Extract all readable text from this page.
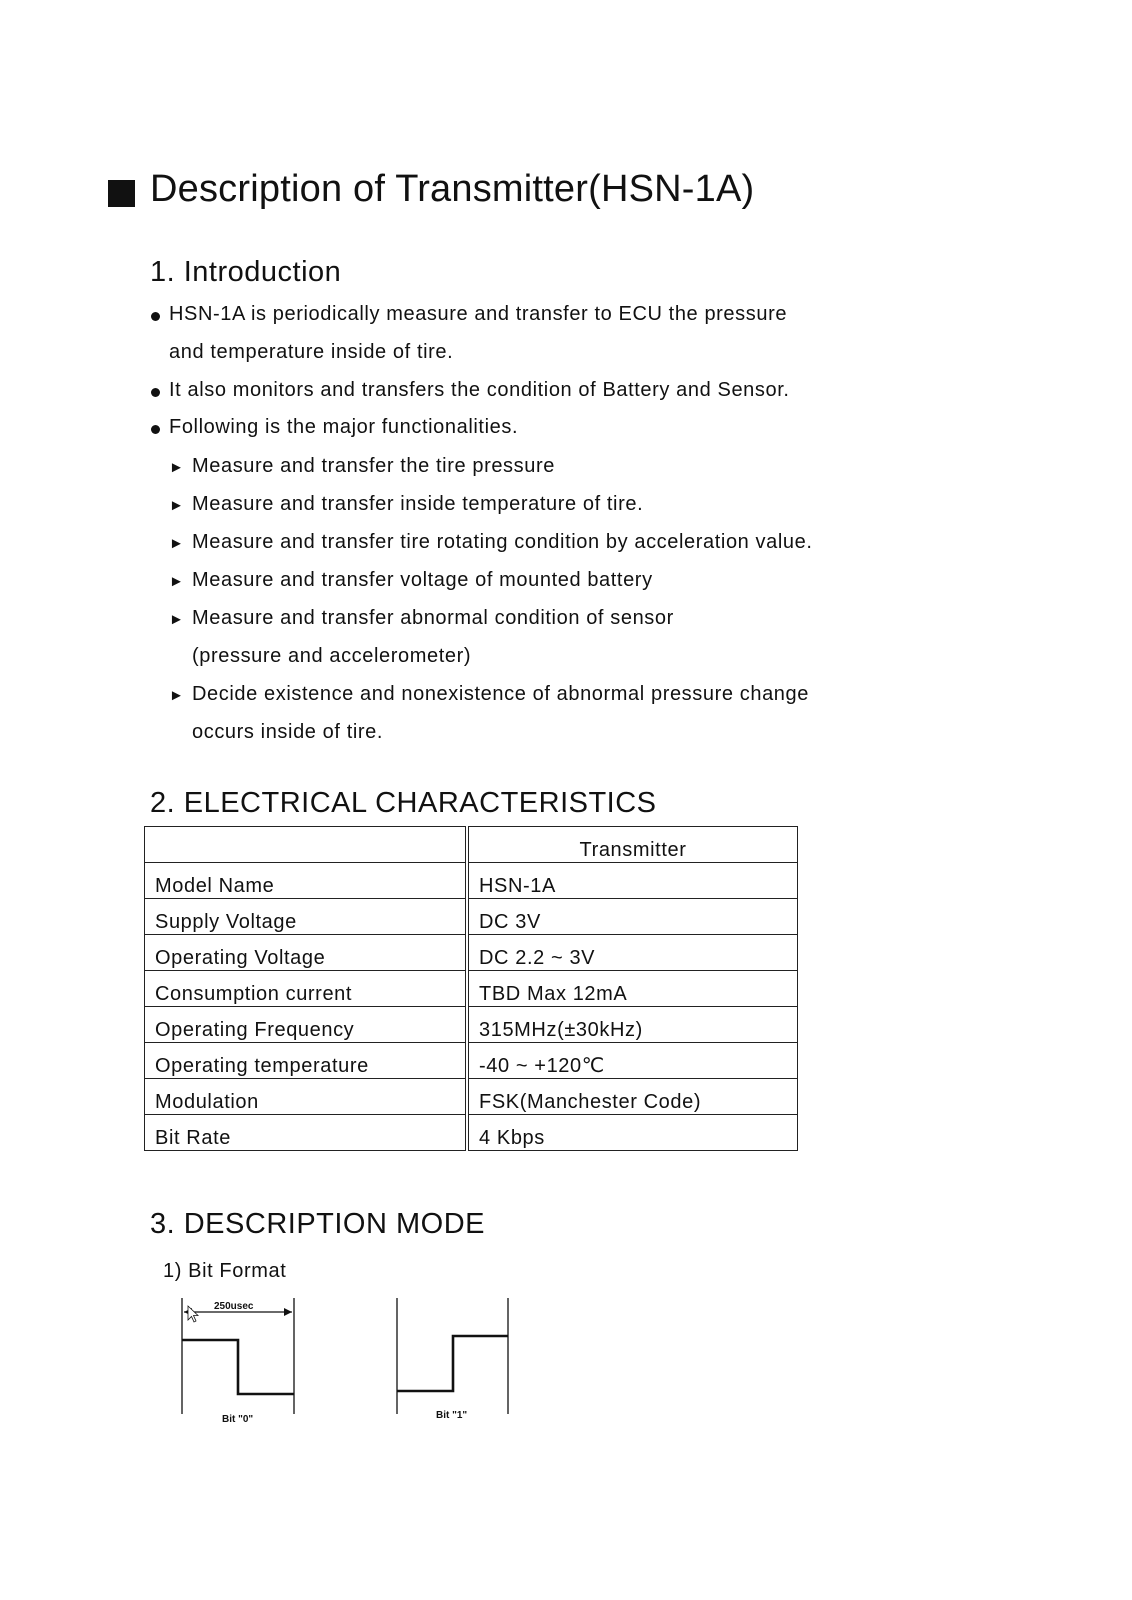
Description of Transmitter(HSN-1A)
1. Introduction
HSN-1A is periodically measure and transfer to ECU the pressure
and temperature inside of tire.
It also monitors and transfers the condition of Battery and Sensor.
Following is the major functionalities.
► Measure and transfer the tire pressure
► Measure and transfer inside temperature of tire.
► Measure and transfer tire rotating condition by acceleration value.
► Measure and transfer voltage of mounted battery
► Measure and transfer abnormal condition of sensor
(pressure and accelerometer)
► Decide existence and nonexistence of abnormal pressure change
occurs inside of tire.
2. ELECTRICAL CHARACTERISTICS
	Transmitter
Model Name	HSN-1A
Supply Voltage	DC 3V
Operating Voltage	DC 2.2 ~ 3V
Consumption current	TBD Max 12mA
Operating Frequency	315MHz(±30kHz)
Operating temperature	-40 ~ +120℃
Modulation	FSK(Manchester Code)
Bit Rate	4 Kbps
3. DESCRIPTION MODE
1) Bit Format
250usec
Bit "0"	Bit "1"
